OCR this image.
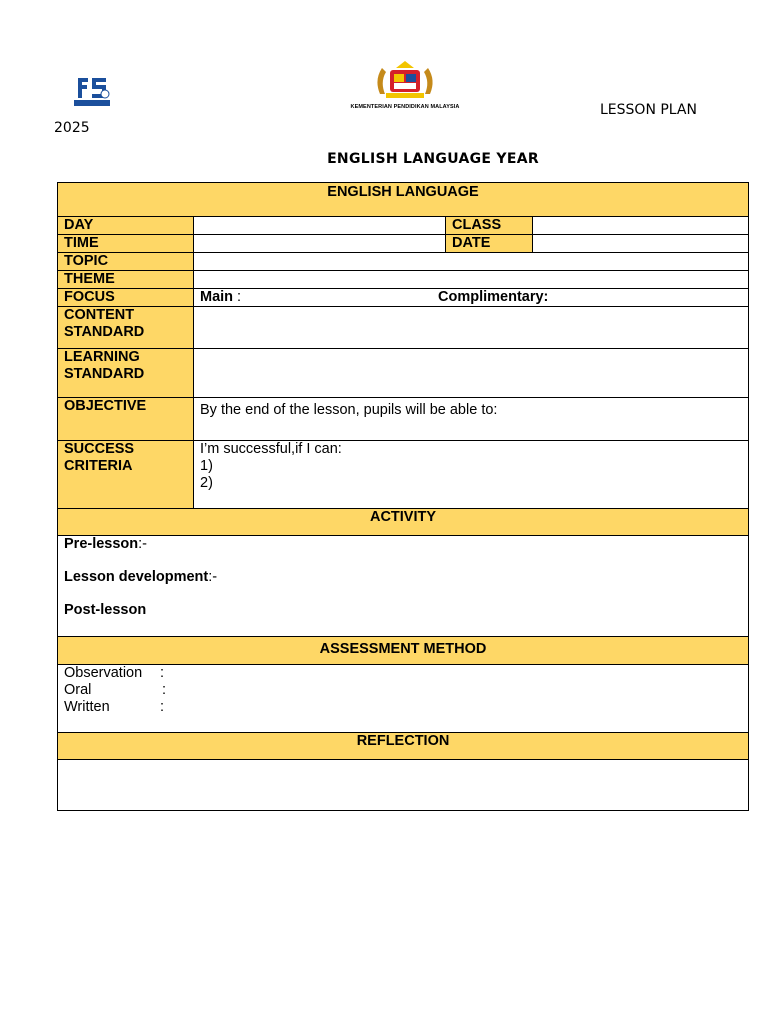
KEMENTERIAN PENDIDIKAN MALAYSIA	LESSON PLAN
2025
ENGLISH LANGUAGE YEAR
ENGLISH LANGUAGE			
DAY		CLASS	
TIME		DATE	
TOPIC			
THEME			
FOCUS	Main : Complimentary:		

CONTENT STANDARD			
LEARNING STANDARD			
OBJECTIVE	By the end of the lesson, pupils will be able to:		
SUCCESS CRITERIA	I’m successful,if I can:
1)
2)		

ACTIVITY			

Pre-lesson:-
Lesson development:-
Post-lesson			

ASSESSMENT METHOD			

Observation :
Oral :
Written :			

REFLECTION			
